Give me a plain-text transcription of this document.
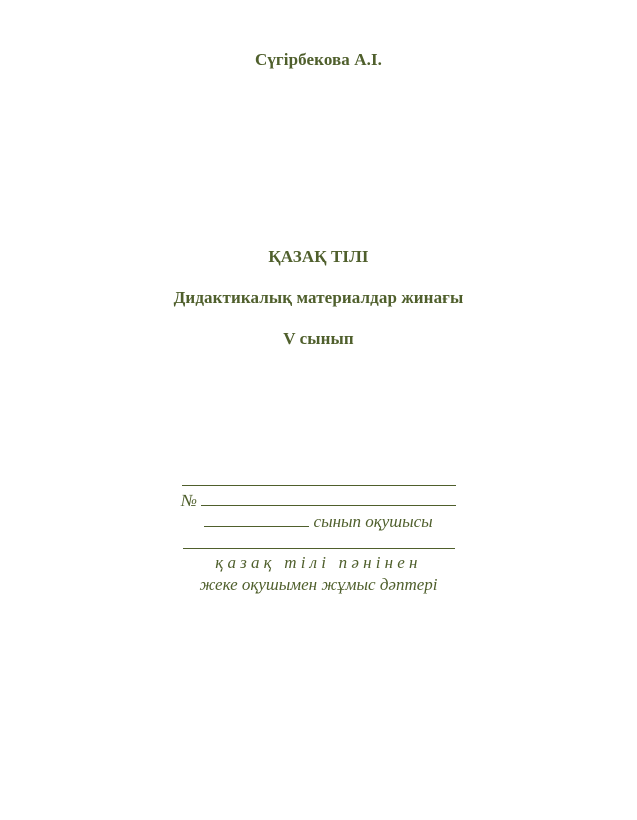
Сүгірбекова А.І.
ҚАЗАҚ ТІЛІ
Дидактикалық материалдар жинағы
V сынып
№
сынып оқушысы
қазақ тілі пәнінен
жеке оқушымен жұмыс дәптері
